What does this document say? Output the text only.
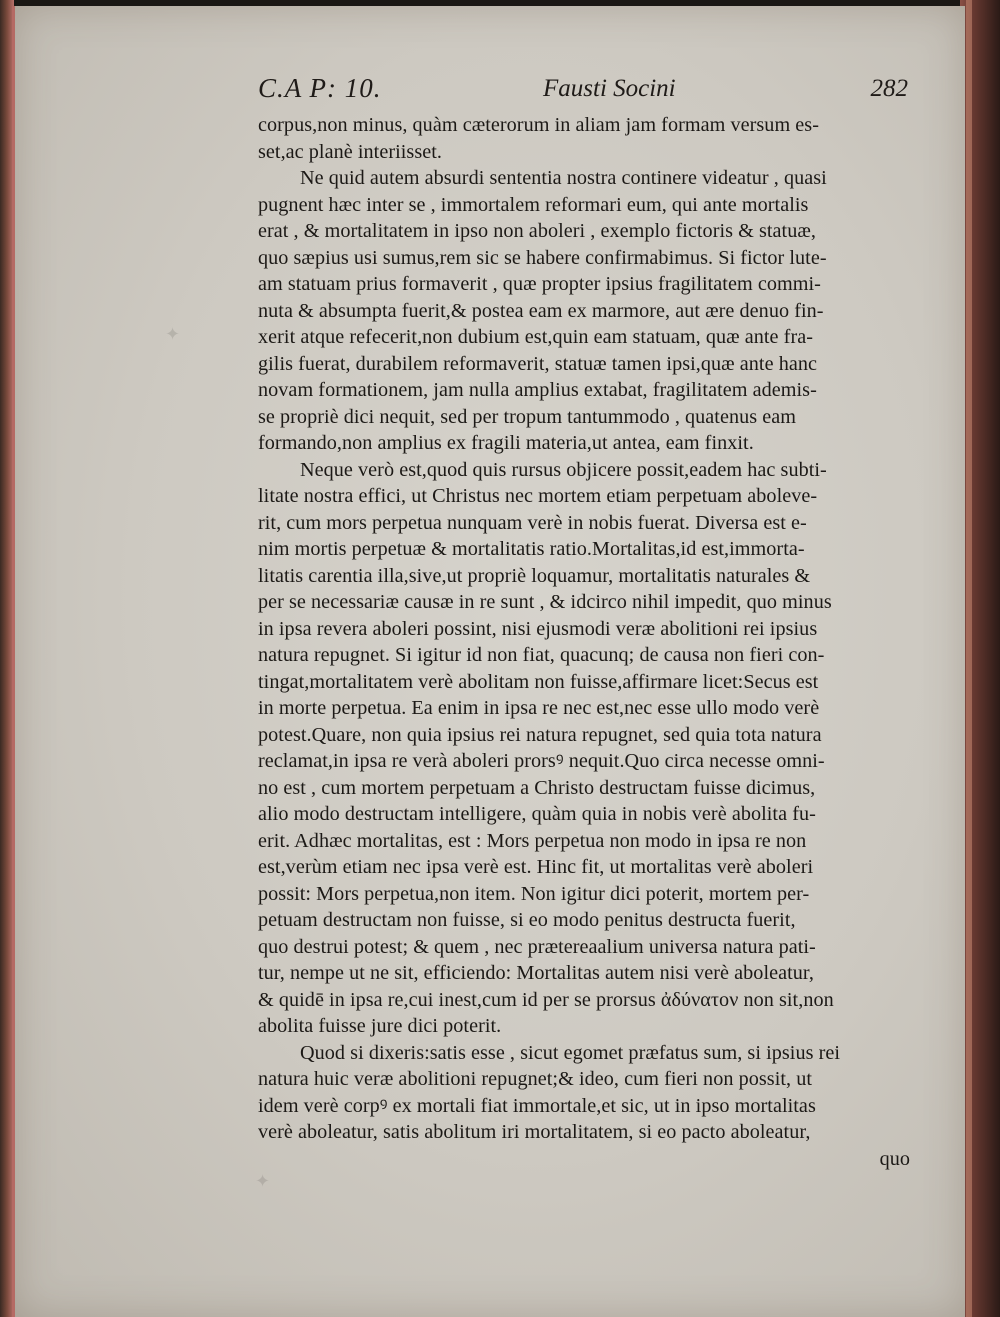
✦
✦
C.A P: 10.	Fausti Socini	282
corpus,non minus, quàm cæterorum in aliam jam formam versum es-
set,ac planè interiisset.
Ne quid autem absurdi sententia nostra continere videatur , quasi
pugnent hæc inter se , immortalem reformari eum, qui ante mortalis
erat , & mortalitatem in ipso non aboleri , exemplo fictoris & statuæ,
quo sæpius usi sumus,rem sic se habere confirmabimus. Si fictor lute-
am statuam prius formaverit , quæ propter ipsius fragilitatem commi-
nuta & absumpta fuerit,& postea eam ex marmore, aut ære denuo fin-
xerit atque refecerit,non dubium est,quin eam statuam, quæ ante fra-
gilis fuerat, durabilem reformaverit, statuæ tamen ipsi,quæ ante hanc
novam formationem, jam nulla amplius extabat, fragilitatem ademis-
se propriè dici nequit, sed per tropum tantummodo , quatenus eam
formando,non amplius ex fragili materia,ut antea, eam finxit.
Neque verò est,quod quis rursus objicere possit,eadem hac subti-
litate nostra effici, ut Christus nec mortem etiam perpetuam aboleve-
rit, cum mors perpetua nunquam verè in nobis fuerat. Diversa est e-
nim mortis perpetuæ & mortalitatis ratio.Mortalitas,id est,immorta-
litatis carentia illa,sive,ut propriè loquamur, mortalitatis naturales &
per se necessariæ causæ in re sunt , & idcirco nihil impedit, quo minus
in ipsa revera aboleri possint, nisi ejusmodi veræ abolitioni rei ipsius
natura repugnet. Si igitur id non fiat, quacunq; de causa non fieri con-
tingat,mortalitatem verè abolitam non fuisse,affirmare licet:Secus est
in morte perpetua. Ea enim in ipsa re nec est,nec esse ullo modo verè
potest.Quare, non quia ipsius rei natura repugnet, sed quia tota natura
reclamat,in ipsa re verà aboleri prorsꝰ nequit.Quo circa necesse omni-
no est , cum mortem perpetuam a Christo destructam fuisse dicimus,
alio modo destructam intelligere, quàm quia in nobis verè abolita fu-
erit. Adhæc mortalitas, est : Mors perpetua non modo in ipsa re non
est,verùm etiam nec ipsa verè est. Hinc fit, ut mortalitas verè aboleri
possit: Mors perpetua,non item. Non igitur dici poterit, mortem per-
petuam destructam non fuisse, si eo modo penitus destructa fuerit,
quo destrui potest; & quem , nec prætereaalium universa natura pati-
tur, nempe ut ne sit, efficiendo: Mortalitas autem nisi verè aboleatur,
& quidē in ipsa re,cui inest,cum id per se prorsus ἀδύνατον non sit,non
abolita fuisse jure dici poterit.
Quod si dixeris:satis esse , sicut egomet præfatus sum, si ipsius rei
natura huic veræ abolitioni repugnet;& ideo, cum fieri non possit, ut
idem verè corpꝰ ex mortali fiat immortale,et sic, ut in ipso mortalitas
verè aboleatur, satis abolitum iri mortalitatem, si eo pacto aboleatur,
quo
